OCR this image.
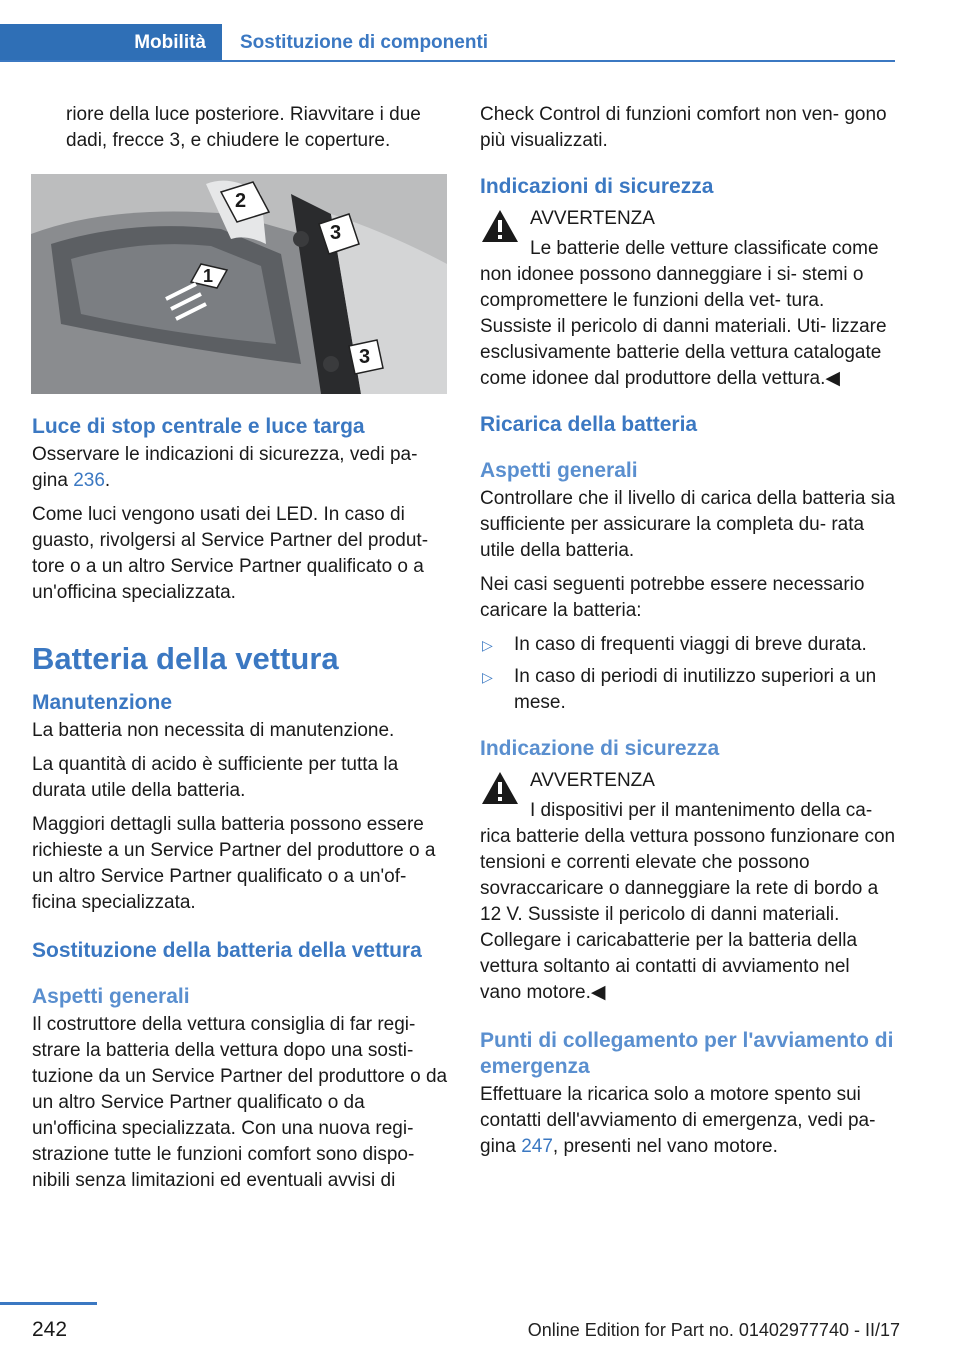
Mobilità	Sostituzione di componenti

riore della luce posteriore. Riavvitare i due dadi, frecce 3, e chiudere le coperture.

2
3
1
3
Luce di stop centrale e luce targa

Osservare le indicazioni di sicurezza, vedi pa‐ gina 236.

Come luci vengono usati dei LED. In caso di guasto, rivolgersi al Service Partner del produt‐ tore o a un altro Service Partner qualificato o a un'officina specializzata.

Batteria della vettura
Manutenzione

La batteria non necessita di manutenzione.

La quantità di acido è sufficiente per tutta la durata utile della batteria.

Maggiori dettagli sulla batteria possono essere richieste a un Service Partner del produttore o a un altro Service Partner qualificato o a un'of‐ ficina specializzata.

Sostituzione della batteria della vettura
Aspetti generali

Il costruttore della vettura consiglia di far regi‐ strare la batteria della vettura dopo una sosti‐ tuzione da un Service Partner del produttore o da un altro Service Partner qualificato o da un'officina specializzata. Con una nuova regi‐ strazione tutte le funzioni comfort sono dispo‐ nibili senza limitazioni ed eventuali avvisi di

Check Control di funzioni comfort non ven‐ gono più visualizzati.

Indicazioni di sicurezza

AVVERTENZA

Le batterie delle vetture classificate come non idonee possono danneggiare i si‐ stemi o compromettere le funzioni della vet‐ tura. Sussiste il pericolo di danni materiali. Uti‐ lizzare esclusivamente batterie della vettura catalogate come idonee dal produttore della vettura.◀

Ricarica della batteria
Aspetti generali

Controllare che il livello di carica della batteria sia sufficiente per assicurare la completa du‐ rata utile della batteria.

Nei casi seguenti potrebbe essere necessario caricare la batteria:

▷ In caso di frequenti viaggi di breve durata.
▷ In caso di periodi di inutilizzo superiori a un mese.
Indicazione di sicurezza

AVVERTENZA

I dispositivi per il mantenimento della ca‐ rica batterie della vettura possono funzionare con tensioni e correnti elevate che possono sovraccaricare o danneggiare la rete di bordo a 12 V. Sussiste il pericolo di danni materiali. Collegare i caricabatterie per la batteria della vettura soltanto ai contatti di avviamento nel vano motore.◀

Punti di collegamento per l'avviamento di emergenza

Effettuare la ricarica solo a motore spento sui contatti dell'avviamento di emergenza, vedi pa‐ gina 247, presenti nel vano motore.

242	Online Edition for Part no. 01402977740 - II/17
